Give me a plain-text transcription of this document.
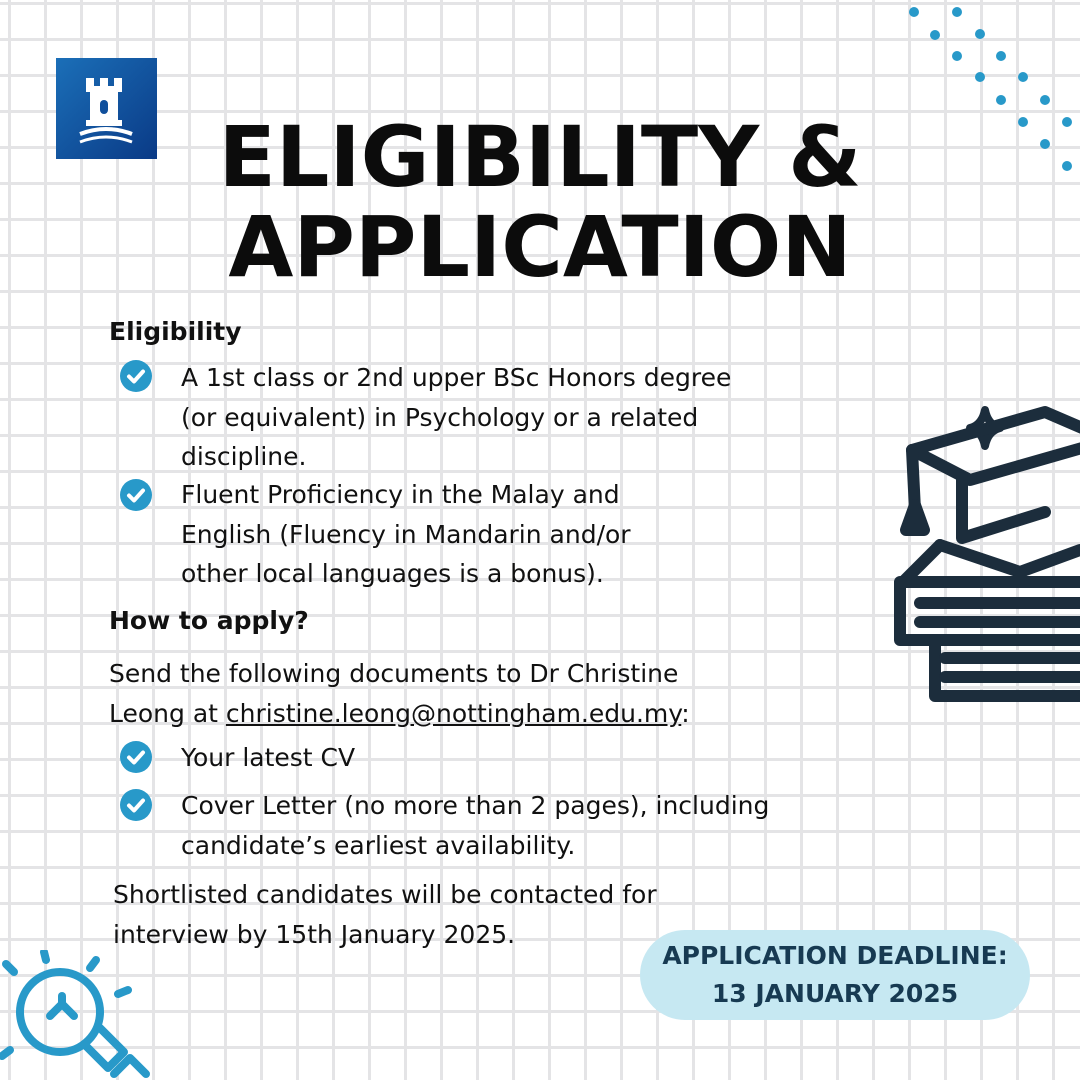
ELIGIBILITY &
APPLICATION
Eligibility
A 1st class or 2nd upper BSc Honors degree
(or equivalent) in Psychology or a related
discipline.
Fluent Proficiency in the Malay and
English (Fluency in Mandarin and/or
other local languages is a bonus).
How to apply?
Send the following documents to Dr Christine
Leong at christine.leong@nottingham.edu.my:
Your latest CV
Cover Letter (no more than 2 pages), including
candidate’s earliest availability.
Shortlisted candidates will be contacted for
interview by 15th January 2025.
APPLICATION DEADLINE:
13 JANUARY 2025
